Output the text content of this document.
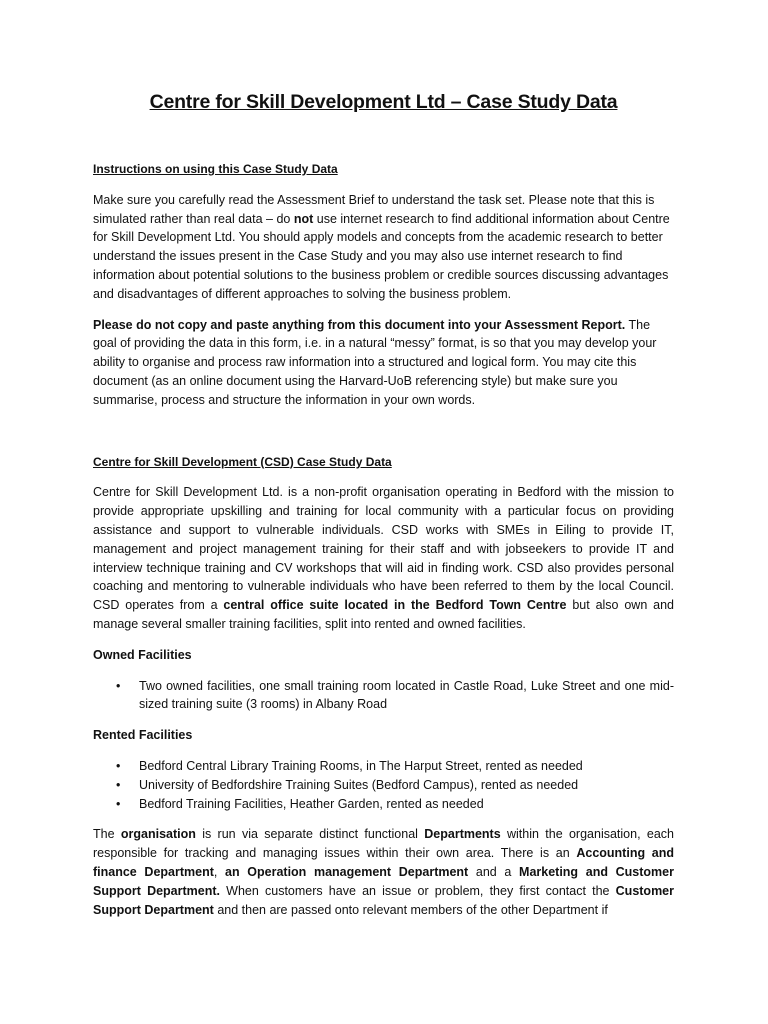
Centre for Skill Development Ltd – Case Study Data
Instructions on using this Case Study Data

Make sure you carefully read the Assessment Brief to understand the task set. Please note that this is simulated rather than real data – do not use internet research to find additional information about Centre for Skill Development Ltd. You should apply models and concepts from the academic research to better understand the issues present in the Case Study and you may also use internet research to find information about potential solutions to the business problem or credible sources discussing advantages and disadvantages of different approaches to solving the business problem.

Please do not copy and paste anything from this document into your Assessment Report. The goal of providing the data in this form, i.e. in a natural “messy” format, is so that you may develop your ability to organise and process raw information into a structured and logical form. You may cite this document (as an online document using the Harvard-UoB referencing style) but make sure you summarise, process and structure the information in your own words.

Centre for Skill Development (CSD) Case Study Data

Centre for Skill Development Ltd. is a non-profit organisation operating in Bedford with the mission to provide appropriate upskilling and training for local community with a particular focus on providing assistance and support to vulnerable individuals. CSD works with SMEs in Eiling to provide IT, management and project management training for their staff and with jobseekers to provide IT and interview technique training and CV workshops that will aid in finding work. CSD also provides personal coaching and mentoring to vulnerable individuals who have been referred to them by the local Council. CSD operates from a central office suite located in the Bedford Town Centre but also own and manage several smaller training facilities, split into rented and owned facilities.

Owned Facilities
• Two owned facilities, one small training room located in Castle Road, Luke Street and one mid-sized training suite (3 rooms) in Albany Road
Rented Facilities
• Bedford Central Library Training Rooms, in The Harput Street, rented as needed
• University of Bedfordshire Training Suites (Bedford Campus), rented as needed
• Bedford Training Facilities, Heather Garden, rented as needed

The organisation is run via separate distinct functional Departments within the organisation, each responsible for tracking and managing issues within their own area. There is an Accounting and finance Department, an Operation management Department and a Marketing and Customer Support Department. When customers have an issue or problem, they first contact the Customer Support Department and then are passed onto relevant members of the other Department if
